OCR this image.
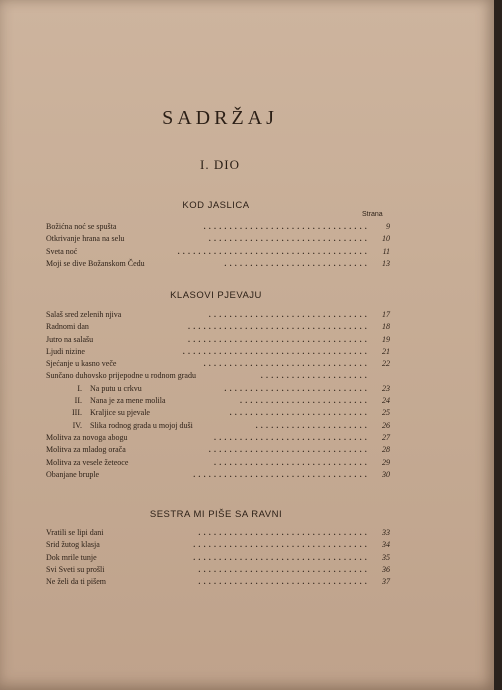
SADRŽAJ
I. DIO
KOD JASLICA
Strana
Božićna noć se spušta	................................	9
Otkrivanje hrana na selu	...............................	10
Sveta noć	.....................................	11
Moji se dive Božanskom Čedu	............................	13
KLASOVI PJEVAJU
Salaš sred zelenih njiva	...............................	17
Radnomi dan	...................................	18
Jutro na salašu	...................................	19
Ljudi nizine	....................................	21
Sjećanje u kasno veče	................................	22
Sunčano duhovsko prijepodne u rodnom gradu	.....................
I. Na putu u crkvu	............................	23
II. Nana je za mene molila	.........................	24
III. Kraljice su pjevale	...........................	25
IV. Slika rodnog grada u mojoj duši	......................	26
Molitva za novoga abogu	..............................	27
Molitva za mladog orača	...............................	28
Molitva za vesele žeteoce	..............................	29
Obanjane bruple	..................................	30
SESTRA MI PIŠE SA RAVNI
Vratili se lipi dani	.................................	33
Srid žutog klasja	..................................	34
Dok mrile tunje	..................................	35
Svi Sveti su prošli	.................................	36
Ne želi da ti pišem	.................................	37
